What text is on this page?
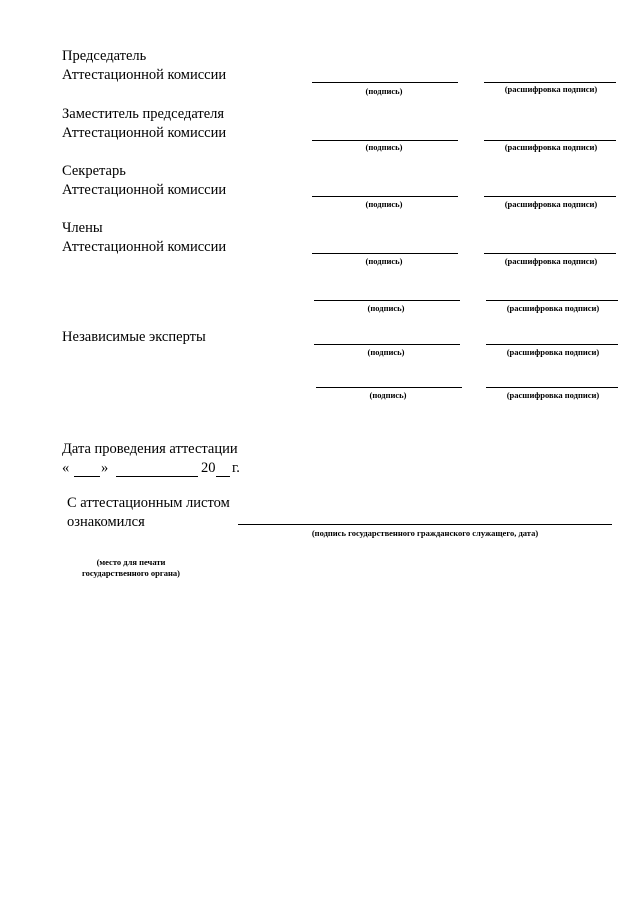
Председатель
Аттестационной комиссии
(подпись)	(расшифровка подписи)
Заместитель председателя
Аттестационной комиссии
(подпись)	(расшифровка подписи)
Секретарь
Аттестационной комиссии
(подпись)	(расшифровка подписи)
Члены
Аттестационной комиссии
(подпись)	(расшифровка подписи)
(подпись)	(расшифровка подписи)
Независимые эксперты
(подпись)	(расшифровка подписи)
(подпись)	(расшифровка подписи)
Дата проведения аттестации
« »	20 г.
С аттестационным листом
ознакомился
(подпись государственного гражданского служащего, дата)
(место для печати
государственного органа)
